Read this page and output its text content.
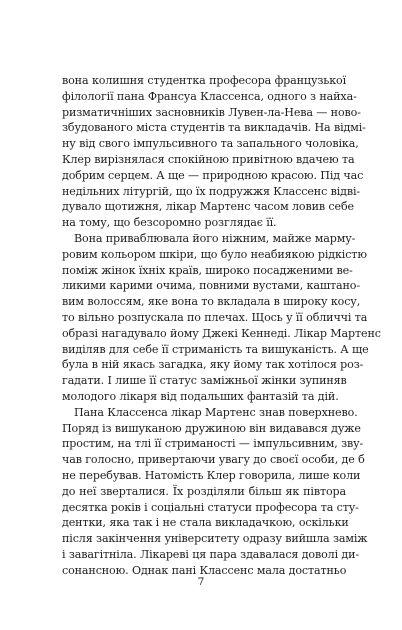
вона колишня студентка професора французької
філології пана Франсуа Классенса, одного з найха-
ризматичніших засновників Лувен-ла-Нева — ново-
збудованого міста студентів та викладачів. На відмі-
ну від свого імпульсивного та запального чоловіка,
Клер вирізнялася спокійною привітною вдачею та
добрим серцем. А ще — природною красою. Під час
недільних літургій, що їх подружжя Классенс відві-
дувало щотижня, лікар Мартенс часом ловив себе
на тому, що безсоромно розглядає її.
Вона приваблювала його ніжним, майже марму-
ровим кольором шкіри, що було неабиякою рідкістю
поміж жінок їхніх країв, широко посадженими ве-
ликими карими очима, повними вустами, каштано-
вим волоссям, яке вона то вкладала в широку косу,
то вільно розпускала по плечах. Щось у її обличчі та
образі нагадувало йому Джекі Кеннеді. Лікар Мартенс
виділяв для себе її стриманість та вишуканість. А ще
була в ній якась загадка, яку йому так хотілося роз-
гадати. І лише її статус заміжньої жінки зупиняв
молодого лікаря від подальших фантазій та дій.
Пана Классенса лікар Мартенс знав поверхнево.
Поряд із вишуканою дружиною він видавався дуже
простим, на тлі її стриманості — імпульсивним, зву-
чав голосно, привертаючи увагу до своєї особи, де б
не перебував. Натомість Клер говорила, лише коли
до неї зверталися. Їх розділяли більш як півтора
десятка років і соціальні статуси професора та сту-
дентки, яка так і не стала викладачкою, оскільки
після закінчення університету одразу вийшла заміж
і завагітніла. Лікареві ця пара здавалася доволі ди-
сонансною. Однак пані Классенс мала достатньо
7
